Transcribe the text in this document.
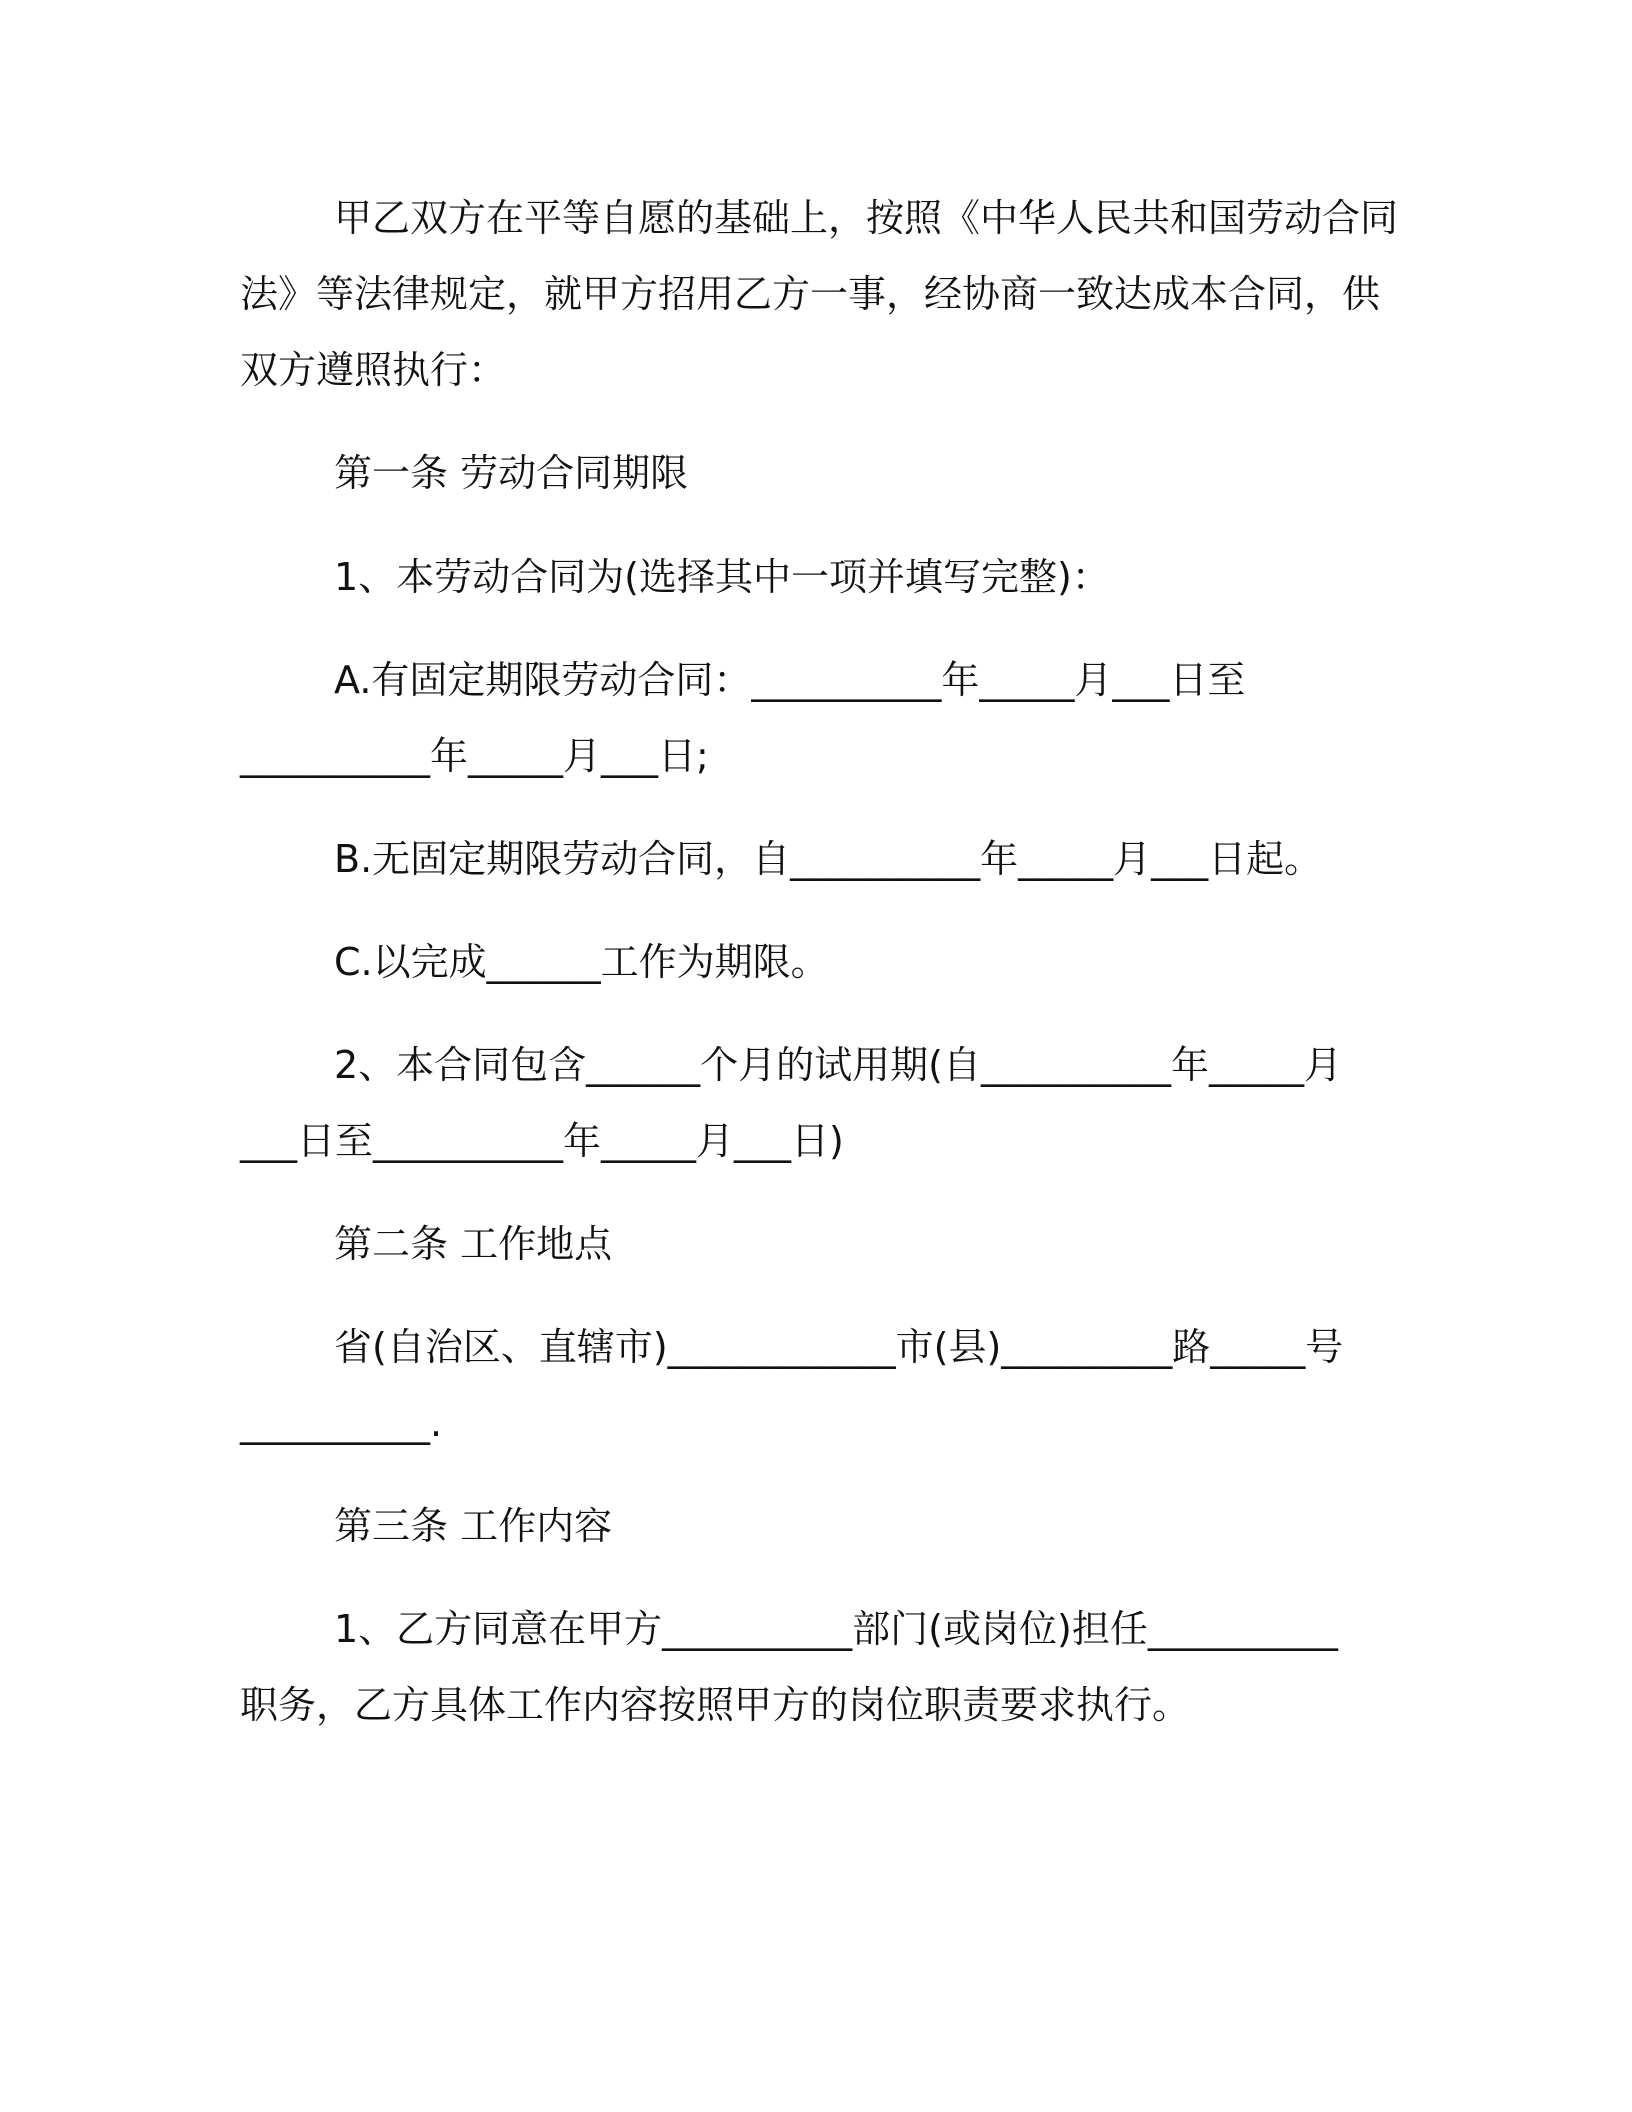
甲乙双方在平等自愿的基础上，按照《中华人民共和国劳动合同
法》等法律规定，就甲方招用乙方一事，经协商一致达成本合同，供
双方遵照执行：
第一条 劳动合同期限
1、本劳动合同为(选择其中一项并填写完整)：
A.有固定期限劳动合同：__________年_____月___日至
__________年_____月___日;
B.无固定期限劳动合同，自__________年_____月___日起。
C.以完成______工作为期限。
2、本合同包含______个月的试用期(自__________年_____月
___日至__________年_____月___日)
第二条 工作地点
省(自治区、直辖市)____________市(县)_________路_____号
__________.
第三条 工作内容
1、乙方同意在甲方__________部门(或岗位)担任__________
职务，乙方具体工作内容按照甲方的岗位职责要求执行。
